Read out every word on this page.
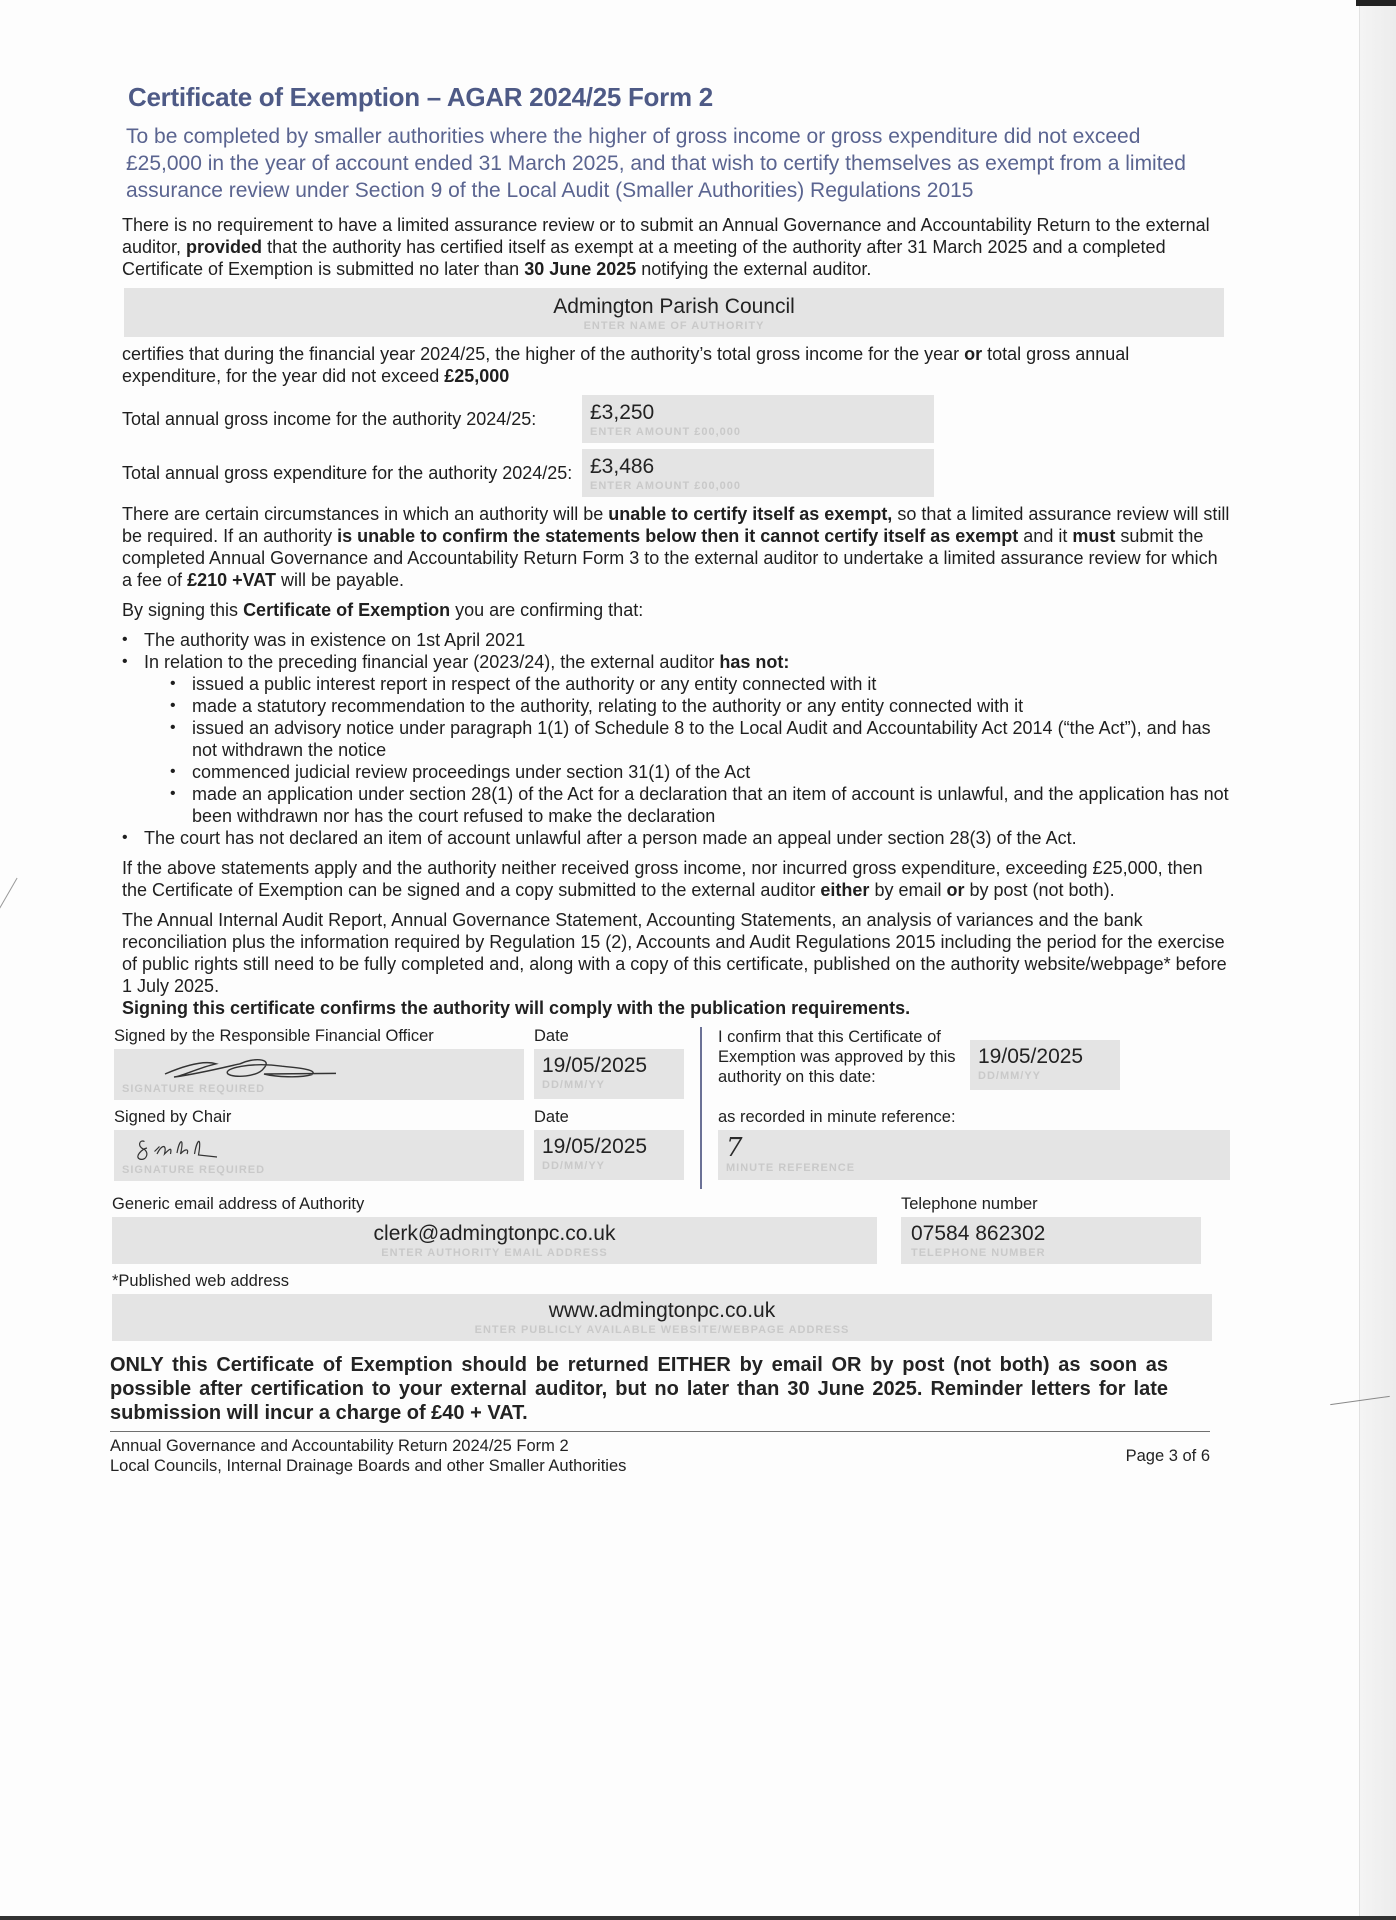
Certificate of Exemption – AGAR 2024/25 Form 2
To be completed by smaller authorities where the higher of gross income or gross expenditure did not exceed £25,000 in the year of account ended 31 March 2025, and that wish to certify themselves as exempt from a limited assurance review under Section 9 of the Local Audit (Smaller Authorities) Regulations 2015
There is no requirement to have a limited assurance review or to submit an Annual Governance and Accountability Return to the external auditor, provided that the authority has certified itself as exempt at a meeting of the authority after 31 March 2025 and a completed Certificate of Exemption is submitted no later than 30 June 2025 notifying the external auditor.
Admington Parish Council
ENTER NAME OF AUTHORITY
certifies that during the financial year 2024/25, the higher of the authority’s total gross income for the year or total gross annual expenditure, for the year did not exceed £25,000
Total annual gross income for the authority 2024/25:	£3,250
ENTER AMOUNT £00,000
Total annual gross expenditure for the authority 2024/25: £3,486
ENTER AMOUNT £00,000
There are certain circumstances in which an authority will be unable to certify itself as exempt, so that a limited assurance review will still be required. If an authority is unable to confirm the statements below then it cannot certify itself as exempt and it must submit the completed Annual Governance and Accountability Return Form 3 to the external auditor to undertake a limited assurance review for which a fee of £210 +VAT will be payable.
By signing this Certificate of Exemption you are confirming that:
• The authority was in existence on 1st April 2021
• In relation to the preceding financial year (2023/24), the external auditor has not:
• issued a public interest report in respect of the authority or any entity connected with it
• made a statutory recommendation to the authority, relating to the authority or any entity connected with it
• issued an advisory notice under paragraph 1(1) of Schedule 8 to the Local Audit and Accountability Act 2014 (“the Act”), and has not withdrawn the notice
• commenced judicial review proceedings under section 31(1) of the Act
• made an application under section 28(1) of the Act for a declaration that an item of account is unlawful, and the application has not been withdrawn nor has the court refused to make the declaration
• The court has not declared an item of account unlawful after a person made an appeal under section 28(3) of the Act.
If the above statements apply and the authority neither received gross income, nor incurred gross expenditure, exceeding £25,000, then the Certificate of Exemption can be signed and a copy submitted to the external auditor either by email or by post (not both).
The Annual Internal Audit Report, Annual Governance Statement, Accounting Statements, an analysis of variances and the bank reconciliation plus the information required by Regulation 15 (2), Accounts and Audit Regulations 2015 including the period for the exercise of public rights still need to be fully completed and, along with a copy of this certificate, published on the authority website/webpage* before 1 July 2025.
Signing this certificate confirms the authority will comply with the publication requirements.
Signed by the Responsible Financial Officer
SIGNATURE REQUIRED
Date
19/05/2025
DD/MM/YY
I confirm that this Certificate of Exemption was approved by this authority on this date:
19/05/2025
DD/MM/YY
Signed by Chair
SIGNATURE REQUIRED
Date
19/05/2025
DD/MM/YY
as recorded in minute reference:
7
MINUTE REFERENCE
Generic email address of Authority
clerk@admingtonpc.co.uk
ENTER AUTHORITY EMAIL ADDRESS
Telephone number
07584 862302
TELEPHONE NUMBER
*Published web address
www.admingtonpc.co.uk
ENTER PUBLICLY AVAILABLE WEBSITE/WEBPAGE ADDRESS
ONLY this Certificate of Exemption should be returned EITHER by email OR by post (not both) as soon as possible after certification to your external auditor, but no later than 30 June 2025. Reminder letters for late submission will incur a charge of £40 + VAT.
Annual Governance and Accountability Return 2024/25 Form 2
Local Councils, Internal Drainage Boards and other Smaller Authorities
Page 3 of 6
